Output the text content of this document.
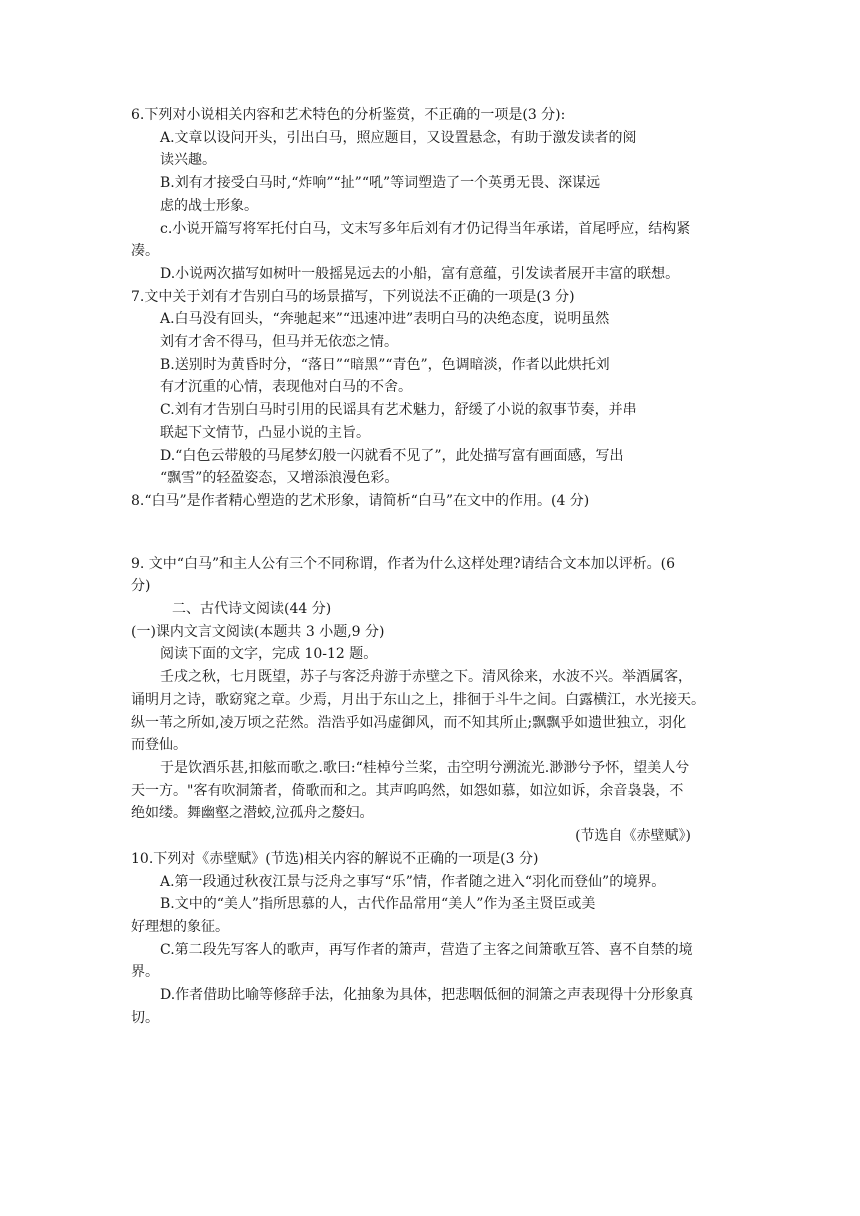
6.下列对小说相关内容和艺术特色的分析鉴赏，不正确的一项是(3 分):
A.文章以设问开头，引出白马，照应题目，又设置悬念，有助于激发读者的阅
读兴趣。
B.刘有才接受白马时,“炸响”“扯”“吼”等词塑造了一个英勇无畏、深谋远
虑的战士形象。
c.小说开篇写将军托付白马，文末写多年后刘有才仍记得当年承诺，首尾呼应，结构紧
凑。
D.小说两次描写如树叶一般摇晃远去的小船，富有意蕴，引发读者展开丰富的联想。
7.文中关于刘有才告别白马的场景描写，下列说法不正确的一项是(3 分)
A.白马没有回头，“奔驰起来”“迅速冲进”表明白马的决绝态度，说明虽然
刘有才舍不得马，但马并无依恋之情。
B.送别时为黄昏时分，“落日”“暗黑”“青色”，色调暗淡，作者以此烘托刘
有才沉重的心情，表现他对白马的不舍。
C.刘有才告别白马时引用的民谣具有艺术魅力，舒缓了小说的叙事节奏，并串
联起下文情节，凸显小说的主旨。
D.“白色云带般的马尾梦幻般一闪就看不见了”，此处描写富有画面感，写出
“飘雪”的轻盈姿态，又增添浪漫色彩。
8.“白马”是作者精心塑造的艺术形象，请简析“白马”在文中的作用。(4 分)
9. 文中“白马”和主人公有三个不同称谓，作者为什么这样处理?请结合文本加以评析。(6
分)
二、古代诗文阅读(44 分)
(一)课内文言文阅读(本题共 3 小题,9 分)
阅读下面的文字，完成 10-12 题。
壬戌之秋，七月既望，苏子与客泛舟游于赤壁之下。清风徐来，水波不兴。举酒属客，
诵明月之诗，歌窈窕之章。少焉，月出于东山之上，排徊于斗牛之间。白露横江，水光接天。
纵一苇之所如,凌万顷之茫然。浩浩乎如冯虚御风，而不知其所止;飘飘乎如遗世独立，羽化
而登仙。
于是饮酒乐甚,扣舷而歌之.歌曰:“桂棹兮兰桨，击空明兮溯流光.渺渺兮予怀，望美人兮
天一方。"客有吹洞箫者，倚歌而和之。其声呜呜然，如怨如慕，如泣如诉，余音袅袅，不
绝如缕。舞幽壑之潜蛟,泣孤舟之嫠妇。
(节选自《赤壁赋》)
10.下列对《赤壁赋》(节选)相关内容的解说不正确的一项是(3 分)
A.第一段通过秋夜江景与泛舟之事写“乐”情，作者随之进入“羽化而登仙”的境界。
B.文中的“美人”指所思慕的人，古代作品常用“美人”作为圣主贤臣或美
好理想的象征。
C.第二段先写客人的歌声，再写作者的箫声，营造了主客之间箫歌互答、喜不自禁的境
界。
D.作者借助比喻等修辞手法，化抽象为具体，把悲咽低徊的洞箫之声表现得十分形象真
切。
